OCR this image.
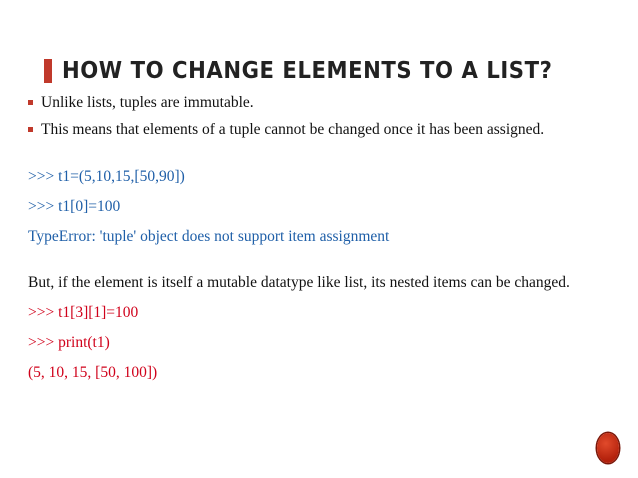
HOW TO CHANGE ELEMENTS TO A LIST?
Unlike lists, tuples are immutable.
This means that elements of a tuple cannot be changed once it has been assigned.
>>> t1=(5,10,15,[50,90])
>>> t1[0]=100
TypeError: 'tuple' object does not support item assignment
But, if the element is itself a mutable datatype like list, its nested items can be changed.
>>> t1[3][1]=100
>>> print(t1)
(5, 10, 15, [50, 100])
